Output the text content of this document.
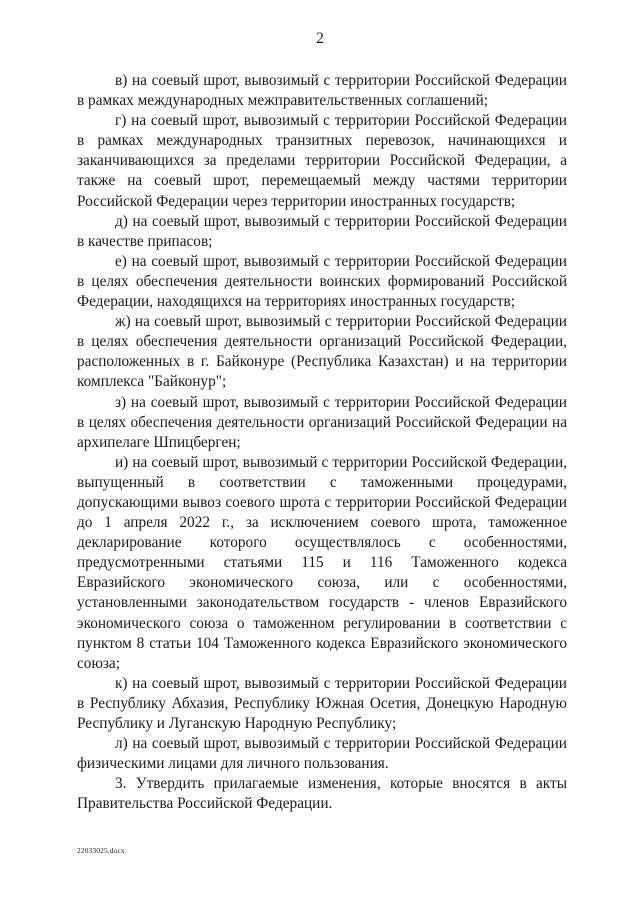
2

в) на соевый шрот, вывозимый с территории Российской Федерации в рамках международных межправительственных соглашений;

г) на соевый шрот, вывозимый с территории Российской Федерации в рамках международных транзитных перевозок, начинающихся и заканчивающихся за пределами территории Российской Федерации, а также на соевый шрот, перемещаемый между частями территории Российской Федерации через территории иностранных государств;

д) на соевый шрот, вывозимый с территории Российской Федерации в качестве припасов;

е) на соевый шрот, вывозимый с территории Российской Федерации в целях обеспечения деятельности воинских формирований Российской Федерации, находящихся на территориях иностранных государств;

ж) на соевый шрот, вывозимый с территории Российской Федерации в целях обеспечения деятельности организаций Российской Федерации, расположенных в г. Байконуре (Республика Казахстан) и на территории комплекса "Байконур";

з) на соевый шрот, вывозимый с территории Российской Федерации в целях обеспечения деятельности организаций Российской Федерации на архипелаге Шпицберген;

и) на соевый шрот, вывозимый с территории Российской Федерации, выпущенный в соответствии с таможенными процедурами, допускающими вывоз соевого шрота с территории Российской Федерации до 1 апреля 2022 г., за исключением соевого шрота, таможенное декларирование которого осуществлялось с особенностями, предусмотренными статьями 115 и 116 Таможенного кодекса Евразийского экономического союза, или с особенностями, установленными законодательством государств - членов Евразийского экономического союза о таможенном регулировании в соответствии с пунктом 8 статьи 104 Таможенного кодекса Евразийского экономического союза;

к) на соевый шрот, вывозимый с территории Российской Федерации в Республику Абхазия, Республику Южная Осетия, Донецкую Народную Республику и Луганскую Народную Республику;

л) на соевый шрот, вывозимый с территории Российской Федерации физическими лицами для личного пользования.

3. Утвердить прилагаемые изменения, которые вносятся в акты Правительства Российской Федерации.

22033025.docx
